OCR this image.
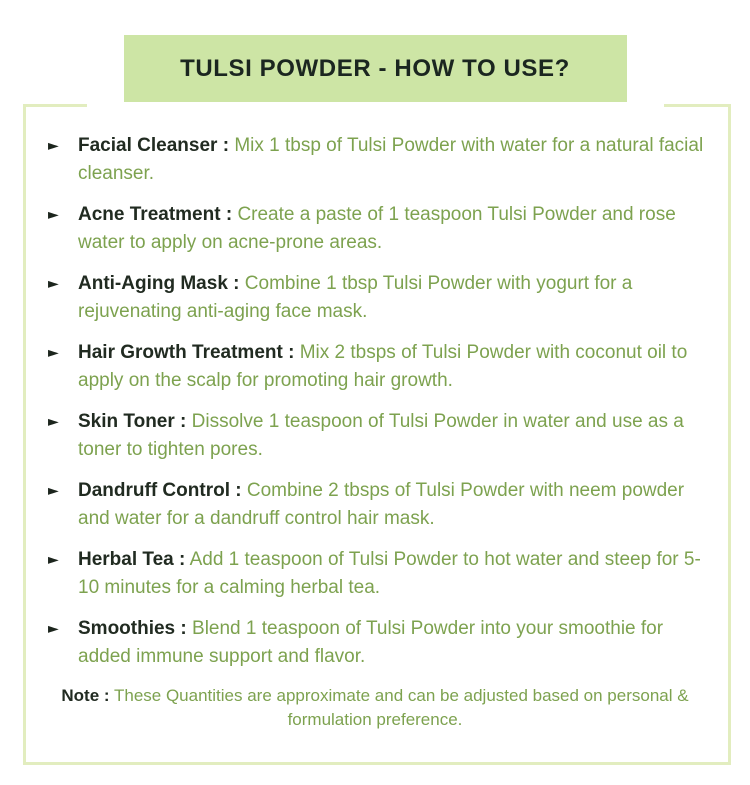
TULSI POWDER - HOW TO USE?
►	Facial Cleanser : Mix 1 tbsp of Tulsi Powder with water for a natural facial cleanser.
►	Acne Treatment : Create a paste of 1 teaspoon Tulsi Powder and rose water to apply on acne-prone areas.
►	Anti-Aging Mask : Combine 1 tbsp Tulsi Powder with yogurt for a rejuvenating anti-aging face mask.
►	Hair Growth Treatment : Mix 2 tbsps of Tulsi Powder with coconut oil to apply on the scalp for promoting hair growth.
►	Skin Toner : Dissolve 1 teaspoon of Tulsi Powder in water and use as a toner to tighten pores.
►	Dandruff Control : Combine 2 tbsps of Tulsi Powder with neem powder and water for a dandruff control hair mask.
►	Herbal Tea : Add 1 teaspoon of Tulsi Powder to hot water and steep for 5-10 minutes for a calming herbal tea.
►	Smoothies : Blend 1 teaspoon of Tulsi Powder into your smoothie for added immune support and flavor.

Note : These Quantities are approximate and can be adjusted based on personal & formulation preference.
